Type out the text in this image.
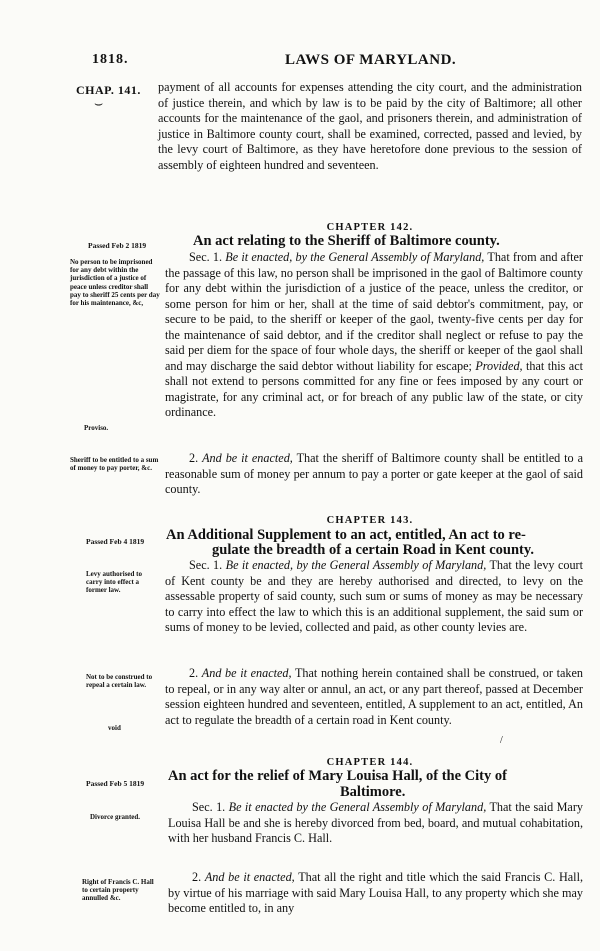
1818.	LAWS OF MARYLAND.
CHAP. 141.
⌣
payment of all accounts for expenses attending the city court, and the administration of justice therein, and which by law is to be paid by the city of Baltimore; all other accounts for the maintenance of the gaol, and prisoners therein, and administration of justice in Baltimore county court, shall be examined, corrected, passed and levied, by the levy court of Baltimore, as they have heretofore done previous to the session of assembly of eighteen hundred and seventeen.
CHAPTER 142.
Passed Feb 2 1819	An act relating to the Sheriff of Baltimore county.
No person to be imprisoned for any debt within the jurisdiction of a justice of peace unless creditor shall pay to sheriff 25 cents per day for his maintenance, &c,
Proviso.
Sheriff to be entitled to a sum of money to pay porter, &c.
Sec. 1. Be it enacted, by the General Assembly of Maryland, That from and after the passage of this law, no person shall be imprisoned in the gaol of Baltimore county for any debt within the jurisdiction of a justice of the peace, unless the creditor, or some person for him or her, shall at the time of said debtor's commitment, pay, or secure to be paid, to the sheriff or keeper of the gaol, twenty-five cents per day for the maintenance of said debtor, and if the creditor shall neglect or refuse to pay the said per diem for the space of four whole days, the sheriff or keeper of the gaol shall and may discharge the said debtor without liability for escape; Provided, that this act shall not extend to persons committed for any fine or fees imposed by any court or magistrate, for any criminal act, or for breach of any public law of the state, or city ordinance.
2. And be it enacted, That the sheriff of Baltimore county shall be entitled to a reasonable sum of money per annum to pay a porter or gate keeper at the gaol of said county.
CHAPTER 143.
Passed Feb 4 1819 An Additional Supplement to an act, entitled, An act to re-
gulate the breadth of a certain Road in Kent county.
Levy authorised to carry into effect a former law.
Not to be construed to repeal a certain law.
void
Sec. 1. Be it enacted, by the General Assembly of Maryland, That the levy court of Kent county be and they are hereby authorised and directed, to levy on the assessable property of said county, such sum or sums of money as may be necessary to carry into effect the law to which this is an additional supplement, the said sum or sums of money to be levied, collected and paid, as other county levies are.
2. And be it enacted, That nothing herein contained shall be construed, or taken to repeal, or in any way alter or annul, an act, or any part thereof, passed at December session eighteen hundred and seventeen, entitled, A supplement to an act, entitled, An act to regulate the breadth of a certain road in Kent county.
/
CHAPTER 144.
Passed Feb 5 1819 An act for the relief of Mary Louisa Hall, of the City of
Baltimore.
Divorce granted.
Right of Francis C. Hall to certain property annulled &c.
Sec. 1. Be it enacted by the General Assembly of Maryland, That the said Mary Louisa Hall be and she is hereby divorced from bed, board, and mutual cohabitation, with her husband Francis C. Hall.
2. And be it enacted, That all the right and title which the said Francis C. Hall, by virtue of his marriage with said Mary Louisa Hall, to any property which she may become entitled to, in any
